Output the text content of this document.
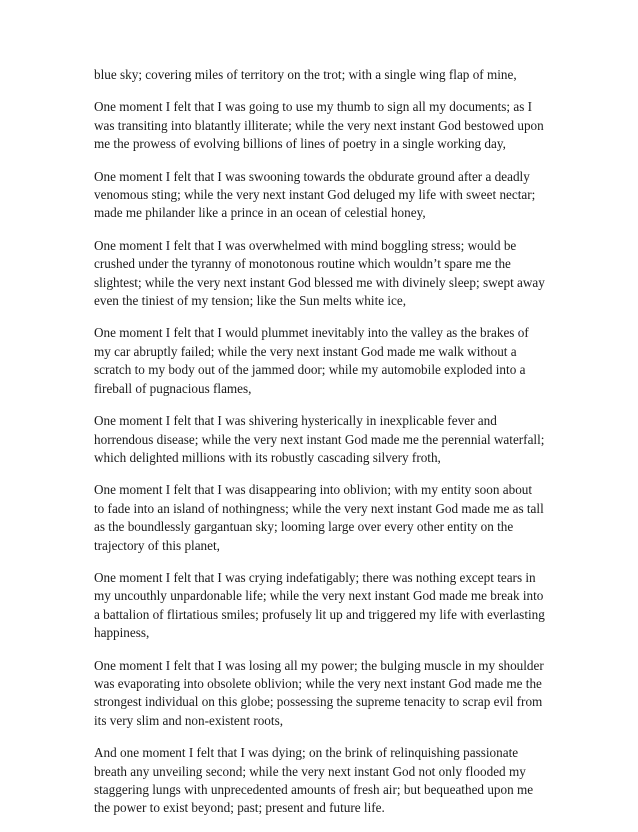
blue sky; covering miles of territory on the trot; with a single wing flap of mine,

One moment I felt that I was going to use my thumb to sign all my documents; as I
was transiting into blatantly illiterate; while the very next instant God bestowed upon
me the prowess of evolving billions of lines of poetry in a single working day,

One moment I felt that I was swooning towards the obdurate ground after a deadly
venomous sting; while the very next instant God deluged my life with sweet nectar;
made me philander like a prince in an ocean of celestial honey,

One moment I felt that I was overwhelmed with mind boggling stress; would be
crushed under the tyranny of monotonous routine which wouldn’t spare me the
slightest; while the very next instant God blessed me with divinely sleep; swept away
even the tiniest of my tension; like the Sun melts white ice,

One moment I felt that I would plummet inevitably into the valley as the brakes of
my car abruptly failed; while the very next instant God made me walk without a
scratch to my body out of the jammed door; while my automobile exploded into a
fireball of pugnacious flames,

One moment I felt that I was shivering hysterically in inexplicable fever and
horrendous disease; while the very next instant God made me the perennial waterfall;
which delighted millions with its robustly cascading silvery froth,

One moment I felt that I was disappearing into oblivion; with my entity soon about
to fade into an island of nothingness; while the very next instant God made me as tall
as the boundlessly gargantuan sky; looming large over every other entity on the
trajectory of this planet,

One moment I felt that I was crying indefatigably; there was nothing except tears in
my uncouthly unpardonable life; while the very next instant God made me break into
a battalion of flirtatious smiles; profusely lit up and triggered my life with everlasting
happiness,

One moment I felt that I was losing all my power; the bulging muscle in my shoulder
was evaporating into obsolete oblivion; while the very next instant God made me the
strongest individual on this globe; possessing the supreme tenacity to scrap evil from
its very slim and non-existent roots,

And one moment I felt that I was dying; on the brink of relinquishing passionate
breath any unveiling second; while the very next instant God not only flooded my
staggering lungs with unprecedented amounts of fresh air; but bequeathed upon me
the power to exist beyond; past; present and future life.
